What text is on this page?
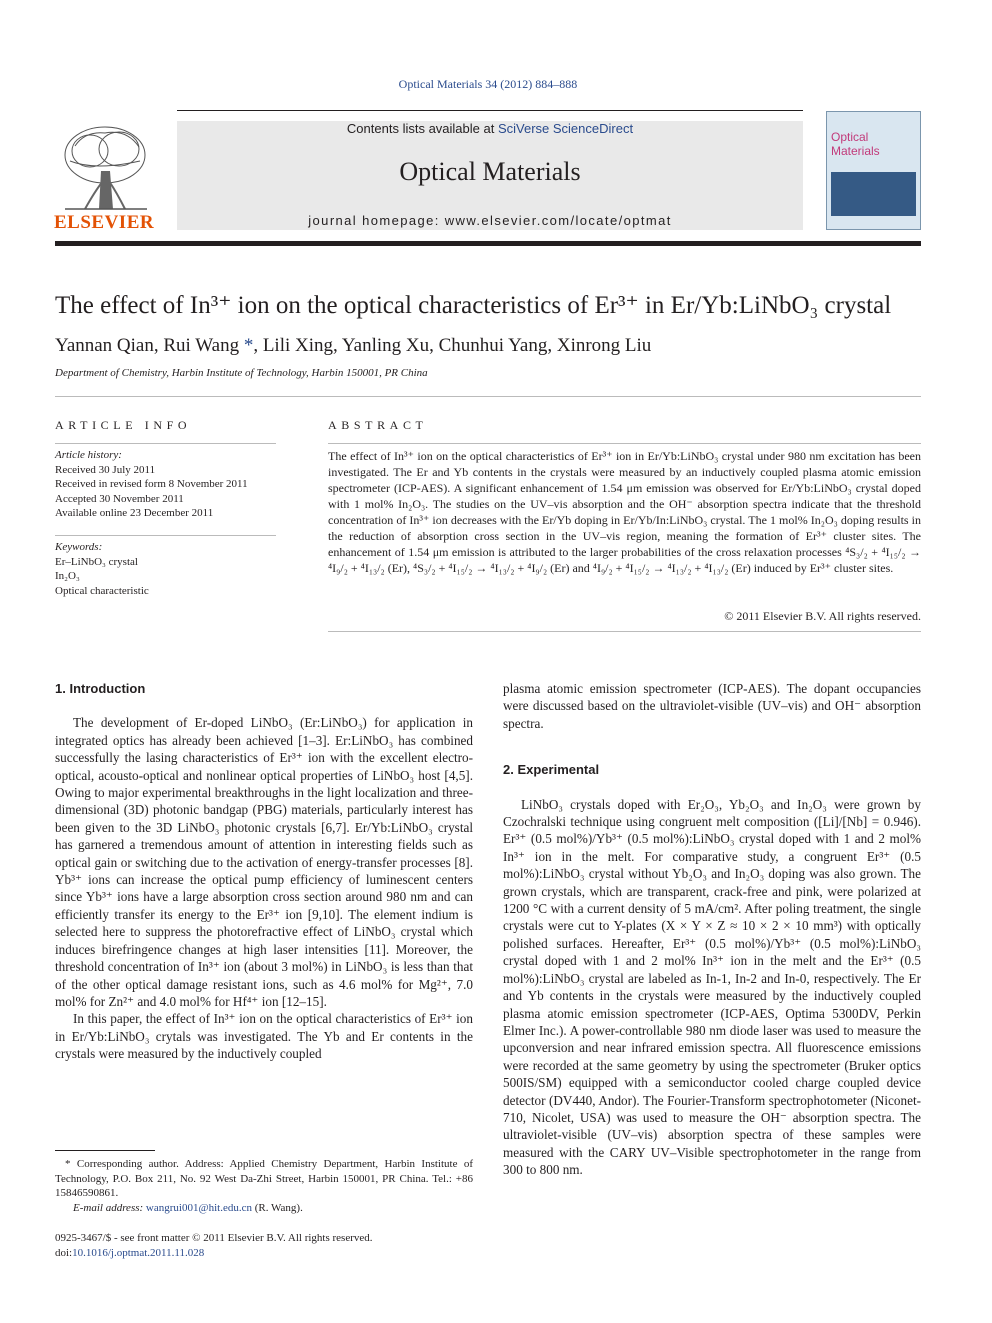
Optical Materials 34 (2012) 884–888
ELSEVIER
Contents lists available at SciVerse ScienceDirect
Optical Materials
journal homepage: www.elsevier.com/locate/optmat
Optical Materials
The effect of In³⁺ ion on the optical characteristics of Er³⁺ in Er/Yb:LiNbO₃ crystal
Yannan Qian, Rui Wang *, Lili Xing, Yanling Xu, Chunhui Yang, Xinrong Liu
Department of Chemistry, Harbin Institute of Technology, Harbin 150001, PR China
ARTICLE INFO
Article history:
Received 30 July 2011
Received in revised form 8 November 2011
Accepted 30 November 2011
Available online 23 December 2011
Keywords:
Er–LiNbO₃ crystal
In₂O₃
Optical characteristic
ABSTRACT
The effect of In³⁺ ion on the optical characteristics of Er³⁺ ion in Er/Yb:LiNbO₃ crystal under 980 nm excitation has been investigated. The Er and Yb contents in the crystals were measured by an inductively coupled plasma atomic emission spectrometer (ICP-AES). A significant enhancement of 1.54 μm emission was observed for Er/Yb:LiNbO₃ crystal doped with 1 mol% In₂O₃. The studies on the UV–vis absorption and the OH⁻ absorption spectra indicate that the threshold concentration of In³⁺ ion decreases with the Er/Yb doping in Er/Yb/In:LiNbO₃ crystal. The 1 mol% In₂O₃ doping results in the reduction of absorption cross section in the UV–vis region, meaning the formation of Er³⁺ cluster sites. The enhancement of 1.54 μm emission is attributed to the larger probabilities of the cross relaxation processes ⁴S₃/₂ + ⁴I₁₅/₂ → ⁴I₉/₂ + ⁴I₁₃/₂ (Er), ⁴S₃/₂ + ⁴I₁₅/₂ → ⁴I₁₃/₂ + ⁴I₉/₂ (Er) and ⁴I₉/₂ + ⁴I₁₅/₂ → ⁴I₁₃/₂ + ⁴I₁₃/₂ (Er) induced by Er³⁺ cluster sites.
© 2011 Elsevier B.V. All rights reserved.
1. Introduction

The development of Er-doped LiNbO₃ (Er:LiNbO₃) for application in integrated optics has already been achieved [1–3]. Er:LiNbO₃ has combined successfully the lasing characteristics of Er³⁺ ion with the excellent electro-optical, acousto-optical and nonlinear optical properties of LiNbO₃ host [4,5]. Owing to major experimental breakthroughs in the light localization and three-dimensional (3D) photonic bandgap (PBG) materials, particularly interest has been given to the 3D LiNbO₃ photonic crystals [6,7]. Er/Yb:LiNbO₃ crystal has garnered a tremendous amount of attention in interesting fields such as optical gain or switching due to the activation of energy-transfer processes [8]. Yb³⁺ ions can increase the optical pump efficiency of luminescent centers since Yb³⁺ ions have a large absorption cross section around 980 nm and can efficiently transfer its energy to the Er³⁺ ion [9,10]. The element indium is selected here to suppress the photorefractive effect of LiNbO₃ crystal which induces birefringence changes at high laser intensities [11]. Moreover, the threshold concentration of In³⁺ ion (about 3 mol%) in LiNbO₃ is less than that of the other optical damage resistant ions, such as 4.6 mol% for Mg²⁺, 7.0 mol% for Zn²⁺ and 4.0 mol% for Hf⁴⁺ ion [12–15].

In this paper, the effect of In³⁺ ion on the optical characteristics of Er³⁺ ion in Er/Yb:LiNbO₃ crytals was investigated. The Yb and Er contents in the crystals were measured by the inductively coupled

plasma atomic emission spectrometer (ICP-AES). The dopant occupancies were discussed based on the ultraviolet-visible (UV–vis) and OH⁻ absorption spectra.

2. Experimental

LiNbO₃ crystals doped with Er₂O₃, Yb₂O₃ and In₂O₃ were grown by Czochralski technique using congruent melt composition ([Li]/[Nb] = 0.946). Er³⁺ (0.5 mol%)/Yb³⁺ (0.5 mol%):LiNbO₃ crystal doped with 1 and 2 mol% In³⁺ ion in the melt. For comparative study, a congruent Er³⁺ (0.5 mol%):LiNbO₃ crystal without Yb₂O₃ and In₂O₃ doping was also grown. The grown crystals, which are transparent, crack-free and pink, were polarized at 1200 °C with a current density of 5 mA/cm². After poling treatment, the single crystals were cut to Y-plates (X × Y × Z ≈ 10 × 2 × 10 mm³) with optically polished surfaces. Hereafter, Er³⁺ (0.5 mol%)/Yb³⁺ (0.5 mol%):LiNbO₃ crystal doped with 1 and 2 mol% In³⁺ ion in the melt and the Er³⁺ (0.5 mol%):LiNbO₃ crystal are labeled as In-1, In-2 and In-0, respectively. The Er and Yb contents in the crystals were measured by the inductively coupled plasma atomic emission spectrometer (ICP-AES, Optima 5300DV, Perkin Elmer Inc.). A power-controllable 980 nm diode laser was used to measure the upconversion and near infrared emission spectra. All fluorescence emissions were recorded at the same geometry by using the spectrometer (Bruker optics 500IS/SM) equipped with a semiconductor cooled charge coupled device detector (DV440, Andor). The Fourier-Transform spectrophotometer (Niconet-710, Nicolet, USA) was used to measure the OH⁻ absorption spectra. The ultraviolet-visible (UV–vis) absorption spectra of these samples were measured with the CARY UV–Visible spectrophotometer in the range from 300 to 800 nm.

* Corresponding author. Address: Applied Chemistry Department, Harbin Institute of Technology, P.O. Box 211, No. 92 West Da-Zhi Street, Harbin 150001, PR China. Tel.: +86 15846590861.
E-mail address: wangrui001@hit.edu.cn (R. Wang).
0925-3467/$ - see front matter © 2011 Elsevier B.V. All rights reserved.
doi:10.1016/j.optmat.2011.11.028
